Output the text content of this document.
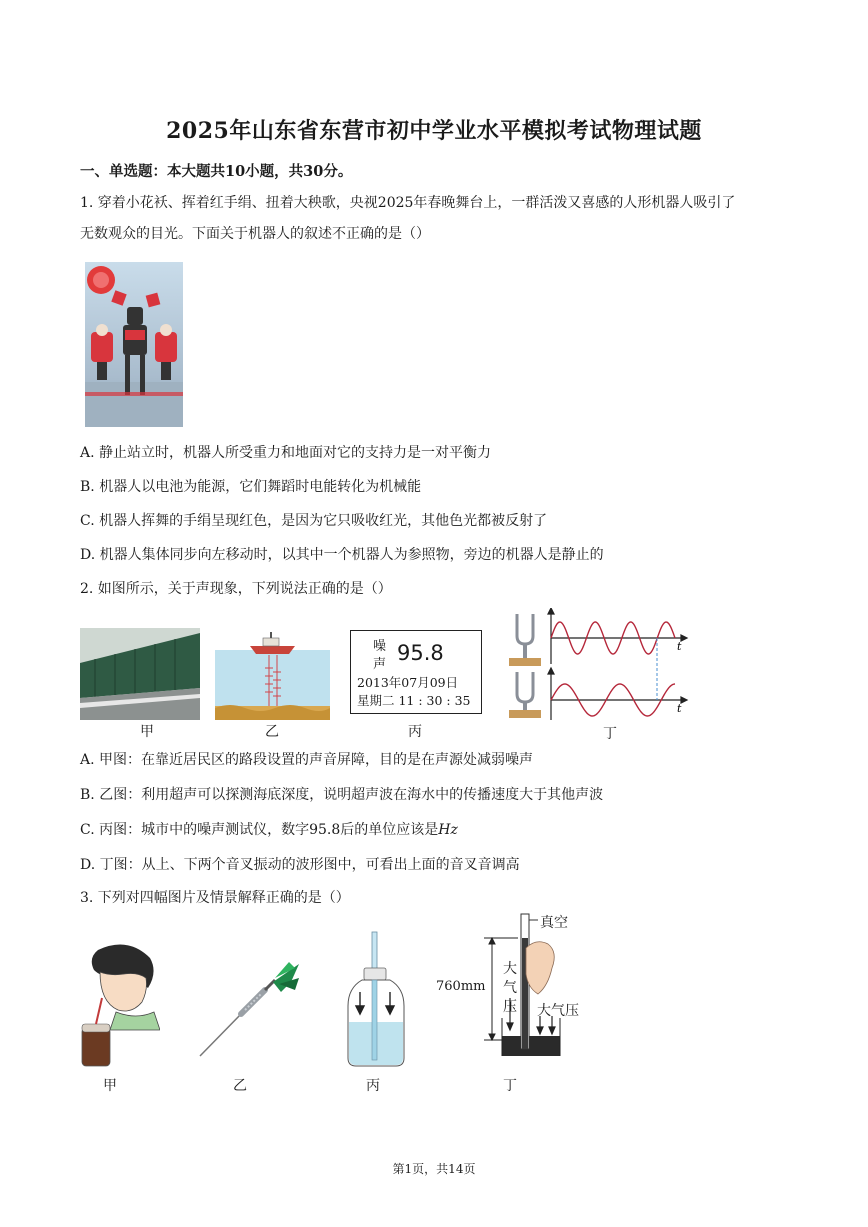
2025年山东省东营市初中学业水平模拟考试物理试题
一、单选题：本大题共10小题，共30分。
1. 穿着小花袄、挥着红手绢、扭着大秧歌，央视2025年春晚舞台上，一群活泼又喜感的人形机器人吸引了
无数观众的目光。下面关于机器人的叙述不正确的是（）
A. 静止站立时，机器人所受重力和地面对它的支持力是一对平衡力
B. 机器人以电池为能源，它们舞蹈时电能转化为机械能
C. 机器人挥舞的手绢呈现红色，是因为它只吸收红光，其他色光都被反射了
D. 机器人集体同步向左移动时，以其中一个机器人为参照物，旁边的机器人是静止的
2. 如图所示，关于声现象，下列说法正确的是（）
甲	乙
噪
声 95.8
2013年07月09日
星期二 11 : 30 : 35
丙
t
t
丁
A. 甲图：在靠近居民区的路段设置的声音屏障，目的是在声源处减弱噪声
B. 乙图：利用超声可以探测海底深度，说明超声波在海水中的传播速度大于其他声波
C. 丙图：城市中的噪声测试仪，数字95.8后的单位应该是Hz
D. 丁图：从上、下两个音叉振动的波形图中，可看出上面的音叉音调高
3. 下列对四幅图片及情景解释正确的是（）
甲	乙	丙
真空
760mm
大气压 大气压
丁
第1页，共14页
